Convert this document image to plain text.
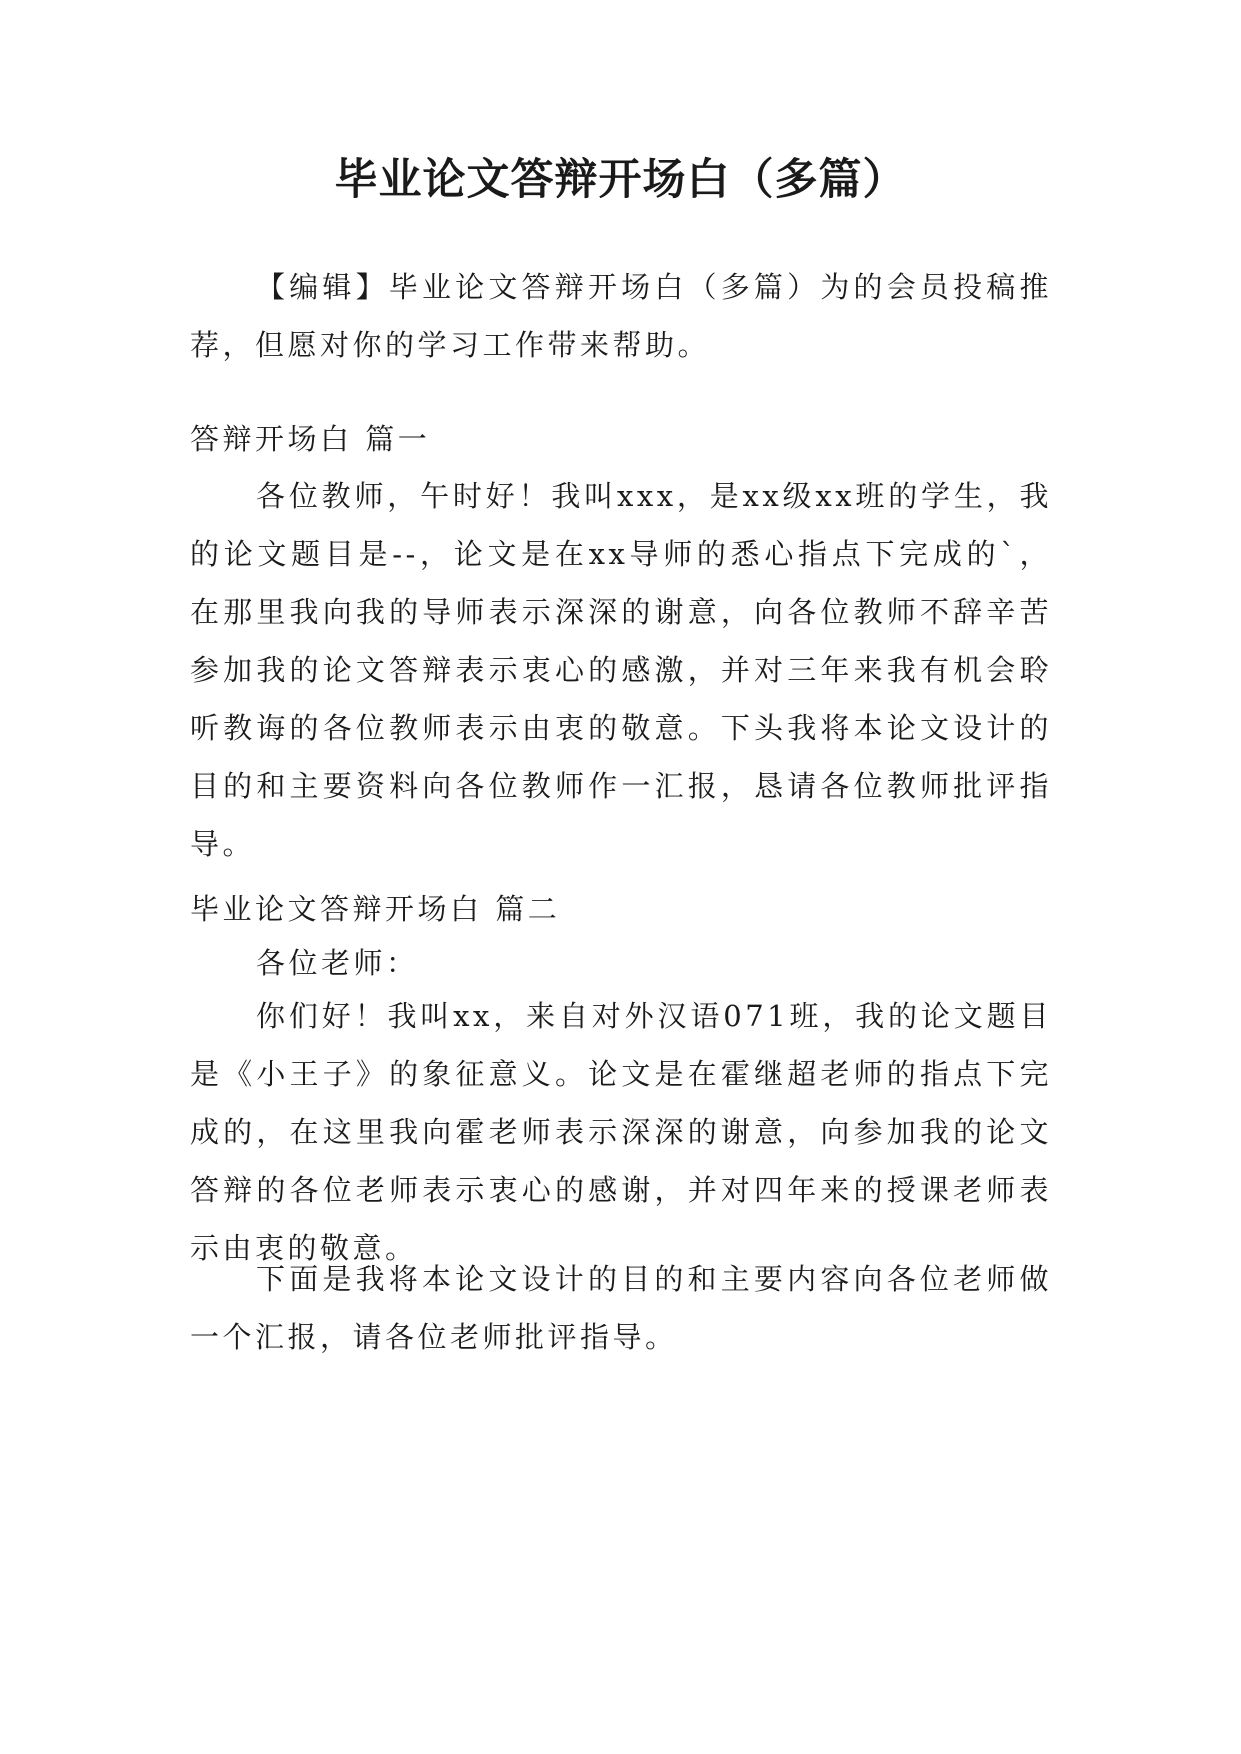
毕业论文答辩开场白（多篇）

【编辑】毕业论文答辩开场白（多篇）为的会员投稿推荐，但愿对你的学习工作带来帮助。

答辩开场白 篇一

各位教师，午时好！我叫xxx，是xx级xx班的学生，我的论文题目是--，论文是在xx导师的悉心指点下完成的`，在那里我向我的导师表示深深的谢意，向各位教师不辞辛苦参加我的论文答辩表示衷心的感激，并对三年来我有机会聆听教诲的各位教师表示由衷的敬意。下头我将本论文设计的目的和主要资料向各位教师作一汇报，恳请各位教师批评指导。

毕业论文答辩开场白 篇二

各位老师：

你们好！我叫xx，来自对外汉语071班，我的论文题目是《小王子》的象征意义。论文是在霍继超老师的指点下完成的，在这里我向霍老师表示深深的谢意，向参加我的论文答辩的各位老师表示衷心的感谢，并对四年来的授课老师表示由衷的敬意。

下面是我将本论文设计的目的和主要内容向各位老师做一个汇报，请各位老师批评指导。
